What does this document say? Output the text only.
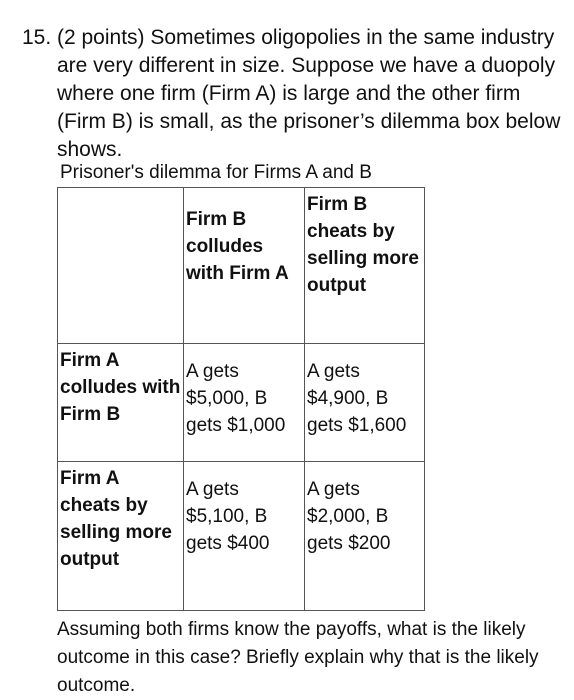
15. (2 points) Sometimes oligopolies in the same industry are very different in size. Suppose we have a duopoly where one firm (Firm A) is large and the other firm (Firm B) is small, as the prisoner’s dilemma box below shows.
Prisoner's dilemma for Firms A and B
	Firm B colludes with Firm A	Firm B cheats by selling more output
Firm A colludes with Firm B	A gets $5,000, B gets $1,000	A gets $4,900, B gets $1,600
Firm A cheats by selling more output	A gets $5,100, B gets $400	A gets $2,000, B gets $200
Assuming both firms know the payoffs, what is the likely outcome in this case? Briefly explain why that is the likely outcome.
